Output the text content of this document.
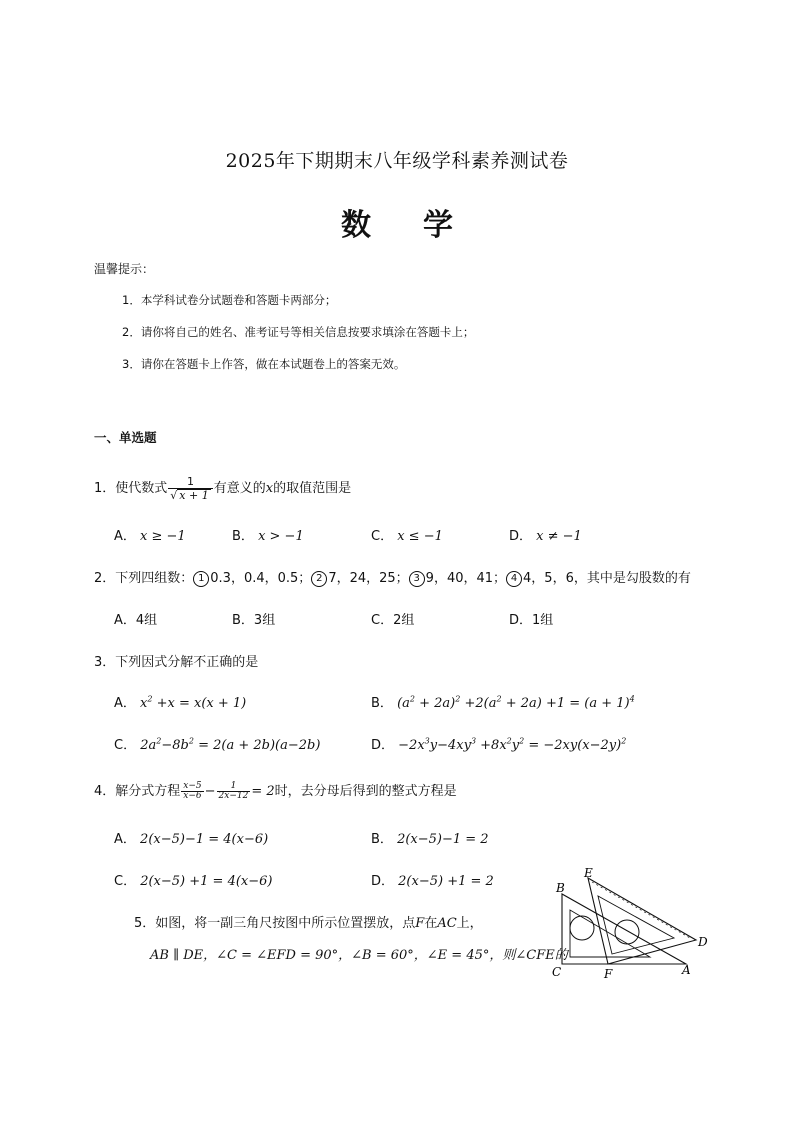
2025年下期期末八年级学科素养测试卷
数学
温馨提示：
1．本学科试卷分试题卷和答题卡两部分；
2．请你将自己的姓名、准考证号等相关信息按要求填涂在答题卡上；
3．请你在答题卡上作答，做在本试题卷上的答案无效。
一、单选题
1．使代数式 $\frac{1}{√ x + 1}$ 有意义的x的取值范围是
A． x ≥ −1	B． x > −1	C． x ≤ −1	D． x ≠ −1
2．下列四组数： 1 0.3，0.4，0.5； 2 7，24，25； 3 9，40，41； 4 4，5，6，其中是勾股数的有
A．4组	B．3组	C．2组	D．1组
3．下列因式分解不正确的是
A． $x^2 +x = x(x + 1)$	B． $(a^2 + 2a)^2 +2(a^2 + 2a) +1 = (a + 1)^4$
C． $2a^2-8b^2 = 2(a + 2b)(a-2b)$	D． $-2x^3y-4xy^3 +8x^2y^2 = -2xy(x-2y)^2$
4．解分式方程 $\frac{x-5}{x-6} - \frac{1}{2x-12} = 2$时，去分母后得到的整式方程是
A． 2(x−5)−1 = 4(x−6)	B． 2(x−5)−1 = 2
C． 2(x−5) +1 = 4(x−6)	D． 2(x−5) +1 = 2
5．如图，将一副三角尺按图中所示位置摆放，点F在AC上，
AB ∥ DE，∠C = ∠EFD = 90°，∠B = 60°，∠E = 45°，则∠CFE的
B
E
C	F	A
D
